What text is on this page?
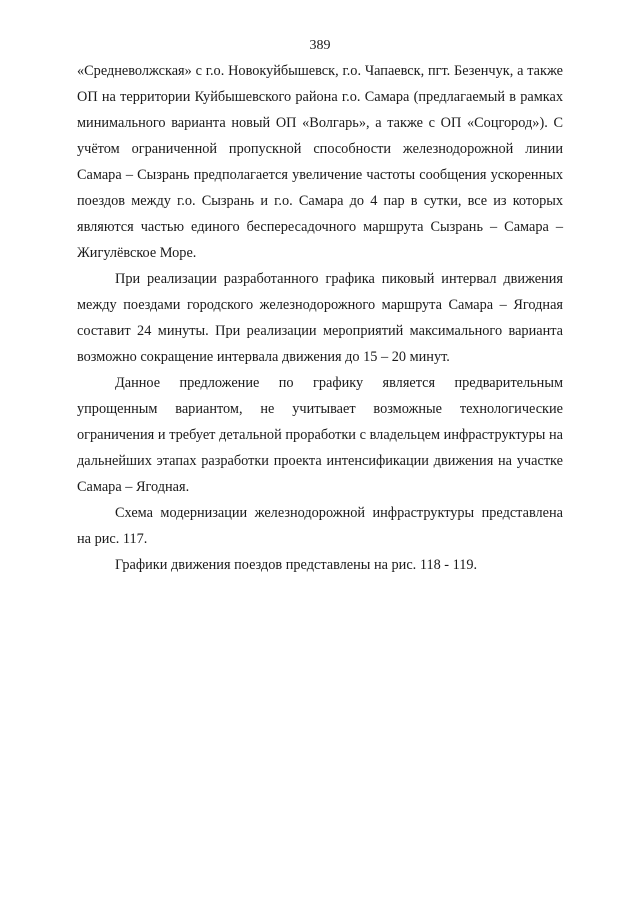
389

«Средневолжская» с г.о. Новокуйбышевск, г.о. Чапаевск, пгт. Безенчук, а также ОП на территории Куйбышевского района г.о. Самара (предлагаемый в рамках минимального варианта новый ОП «Волгарь», а также с ОП «Соцгород»). С учётом ограниченной пропускной способности железнодорожной линии Самара – Сызрань предполагается увеличение частоты сообщения ускоренных поездов между г.о. Сызрань и г.о. Самара до 4 пар в сутки, все из которых являются частью единого беспересадочного маршрута Сызрань – Самара – Жигулёвское Море.

При реализации разработанного графика пиковый интервал движения между поездами городского железнодорожного маршрута Самара – Ягодная составит 24 минуты. При реализации мероприятий максимального варианта возможно сокращение интервала движения до 15 – 20 минут.

Данное предложение по графику является предварительным упрощенным вариантом, не учитывает возможные технологические ограничения и требует детальной проработки с владельцем инфраструктуры на дальнейших этапах разработки проекта интенсификации движения на участке Самара – Ягодная.

Схема модернизации железнодорожной инфраструктуры представлена на рис. 117.

Графики движения поездов представлены на рис. 118 - 119.
